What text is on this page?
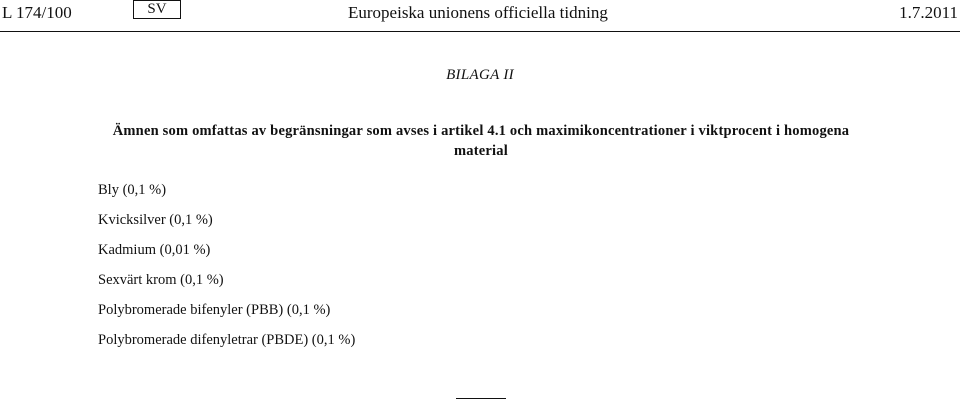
L 174/100	SV	Europeiska unionens officiella tidning	1.7.2011
BILAGA II
Ämnen som omfattas av begränsningar som avses i artikel 4.1 och maximikoncentrationer i viktprocent i homogena material
Bly (0,1 %)
Kvicksilver (0,1 %)
Kadmium (0,01 %)
Sexvärt krom (0,1 %)
Polybromerade bifenyler (PBB) (0,1 %)
Polybromerade difenyletrar (PBDE) (0,1 %)
